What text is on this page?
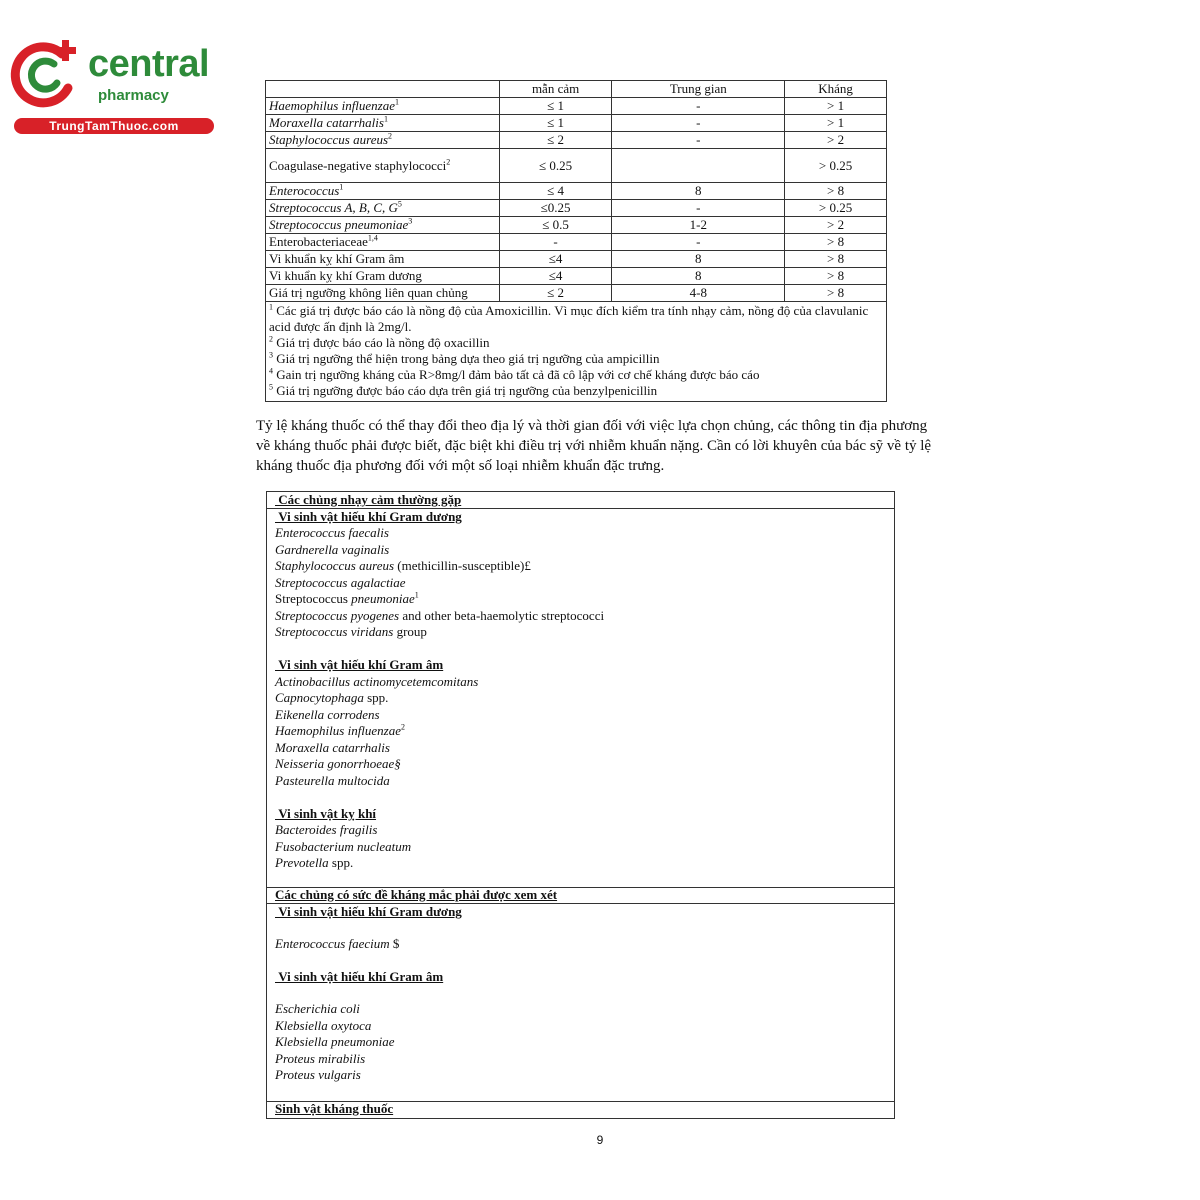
central
pharmacy
TrungTamThuoc.com
	mẫn cảm	Trung gian	Kháng
Haemophilus influenzae$^1$	≤ 1	-	> 1
Moraxella catarrhalis$^1$	≤ 1	-	> 1
Staphylococcus aureus$^2$	≤ 2	-	> 2
Coagulase-negative staphylococci$^2$	≤ 0.25		> 0.25
Enterococcus$^1$	≤ 4	8	> 8
Streptococcus A, B, C, $G^5$	≤0.25	-	> 0.25
Streptococcus pneumoniae$^3$	≤ 0.5	1-2	> 2
Enterobacteriaceae$^{1,4}$	-	-	> 8
Vi khuẩn kỵ khí Gram âm	≤4	8	> 8
Vi khuẩn kỵ khí Gram dương	≤4	8	> 8
Giá trị ngưỡng không liên quan chủng	≤ 2	4-8	> 8

$^1$ Các giá trị được báo cáo là nồng độ của Amoxicillin. Vì mục đích kiểm tra tính nhạy cảm, nồng độ của clavulanic acid được ấn định là 2mg/l.
$^2$ Giá trị được báo cáo là nồng độ oxacillin
$^3$ Giá trị ngưỡng thể hiện trong bảng dựa theo giá trị ngưỡng của ampicillin
$^4$ Gain trị ngưỡng kháng của R>8mg/l đảm bảo tất cả đã cô lập với cơ chế kháng được báo cáo
$^5$ Giá trị ngưỡng được báo cáo dựa trên giá trị ngưỡng của benzylpenicillin			
Tỷ lệ kháng thuốc có thể thay đổi theo địa lý và thời gian đối với việc lựa chọn chủng, các thông tin địa phương về kháng thuốc phải được biết, đặc biệt khi điều trị với nhiễm khuẩn nặng. Cần có lời khuyên của bác sỹ về tỷ lệ kháng thuốc địa phương đối với một số loại nhiễm khuẩn đặc trưng.
Các chủng nhạy cảm thường gặp
Vi sinh vật hiếu khí Gram dương
Enterococcus faecalis
Gardnerella vaginalis
Staphylococcus aureus (methicillin-susceptible)£
Streptococcus agalactiae
Streptococcus pneumoniae$^1$
Streptococcus pyogenes and other beta-haemolytic streptococci
Streptococcus viridans group
Vi sinh vật hiếu khí Gram âm
Actinobacillus actinomycetemcomitans
Capnocytophaga spp.
Eikenella corrodens
Haemophilus influenzae$^2$
Moraxella catarrhalis
Neisseria gonorrhoeae§
Pasteurella multocida
Vi sinh vật kỵ khí
Bacteroides fragilis
Fusobacterium nucleatum
Prevotella spp.
Các chủng có sức đề kháng mắc phải được xem xét
Vi sinh vật hiếu khí Gram dương
Enterococcus faecium $
Vi sinh vật hiếu khí Gram âm
Escherichia coli
Klebsiella oxytoca
Klebsiella pneumoniae
Proteus mirabilis
Proteus vulgaris
Sinh vật kháng thuốc
9
